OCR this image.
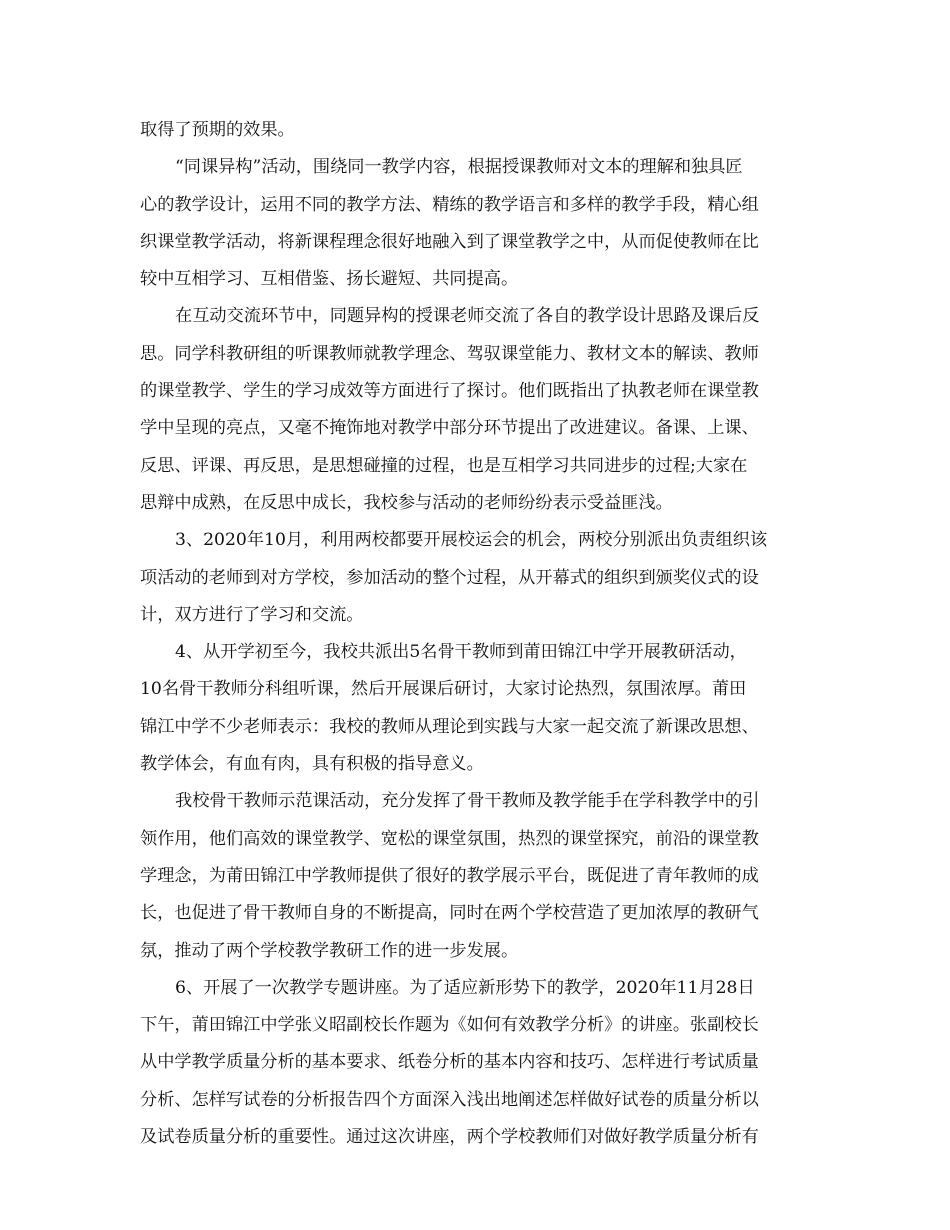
取得了预期的效果。
“同课异构”活动，围绕同一教学内容，根据授课教师对文本的理解和独具匠
心的教学设计，运用不同的教学方法、精练的教学语言和多样的教学手段，精心组
织课堂教学活动，将新课程理念很好地融入到了课堂教学之中，从而促使教师在比
较中互相学习、互相借鉴、扬长避短、共同提高。
在互动交流环节中，同题异构的授课老师交流了各自的教学设计思路及课后反
思。同学科教研组的听课教师就教学理念、驾驭课堂能力、教材文本的解读、教师
的课堂教学、学生的学习成效等方面进行了探讨。他们既指出了执教老师在课堂教
学中呈现的亮点，又毫不掩饰地对教学中部分环节提出了改进建议。备课、上课、
反思、评课、再反思，是思想碰撞的过程，也是互相学习共同进步的过程;大家在
思辩中成熟，在反思中成长，我校参与活动的老师纷纷表示受益匪浅。
3、2020年10月，利用两校都要开展校运会的机会，两校分别派出负责组织该
项活动的老师到对方学校，参加活动的整个过程，从开幕式的组织到颁奖仪式的设
计，双方进行了学习和交流。
4、从开学初至今，我校共派出5名骨干教师到莆田锦江中学开展教研活动，
10名骨干教师分科组听课，然后开展课后研讨，大家讨论热烈，氛围浓厚。莆田
锦江中学不少老师表示：我校的教师从理论到实践与大家一起交流了新课改思想、
教学体会，有血有肉，具有积极的指导意义。
我校骨干教师示范课活动，充分发挥了骨干教师及教学能手在学科教学中的引
领作用，他们高效的课堂教学、宽松的课堂氛围，热烈的课堂探究，前沿的课堂教
学理念，为莆田锦江中学教师提供了很好的教学展示平台，既促进了青年教师的成
长，也促进了骨干教师自身的不断提高，同时在两个学校营造了更加浓厚的教研气
氛，推动了两个学校教学教研工作的进一步发展。
6、开展了一次教学专题讲座。为了适应新形势下的教学，2020年11月28日
下午，莆田锦江中学张义昭副校长作题为《如何有效教学分析》的讲座。张副校长
从中学教学质量分析的基本要求、纸卷分析的基本内容和技巧、怎样进行考试质量
分析、怎样写试卷的分析报告四个方面深入浅出地阐述怎样做好试卷的质量分析以
及试卷质量分析的重要性。通过这次讲座，两个学校教师们对做好教学质量分析有
